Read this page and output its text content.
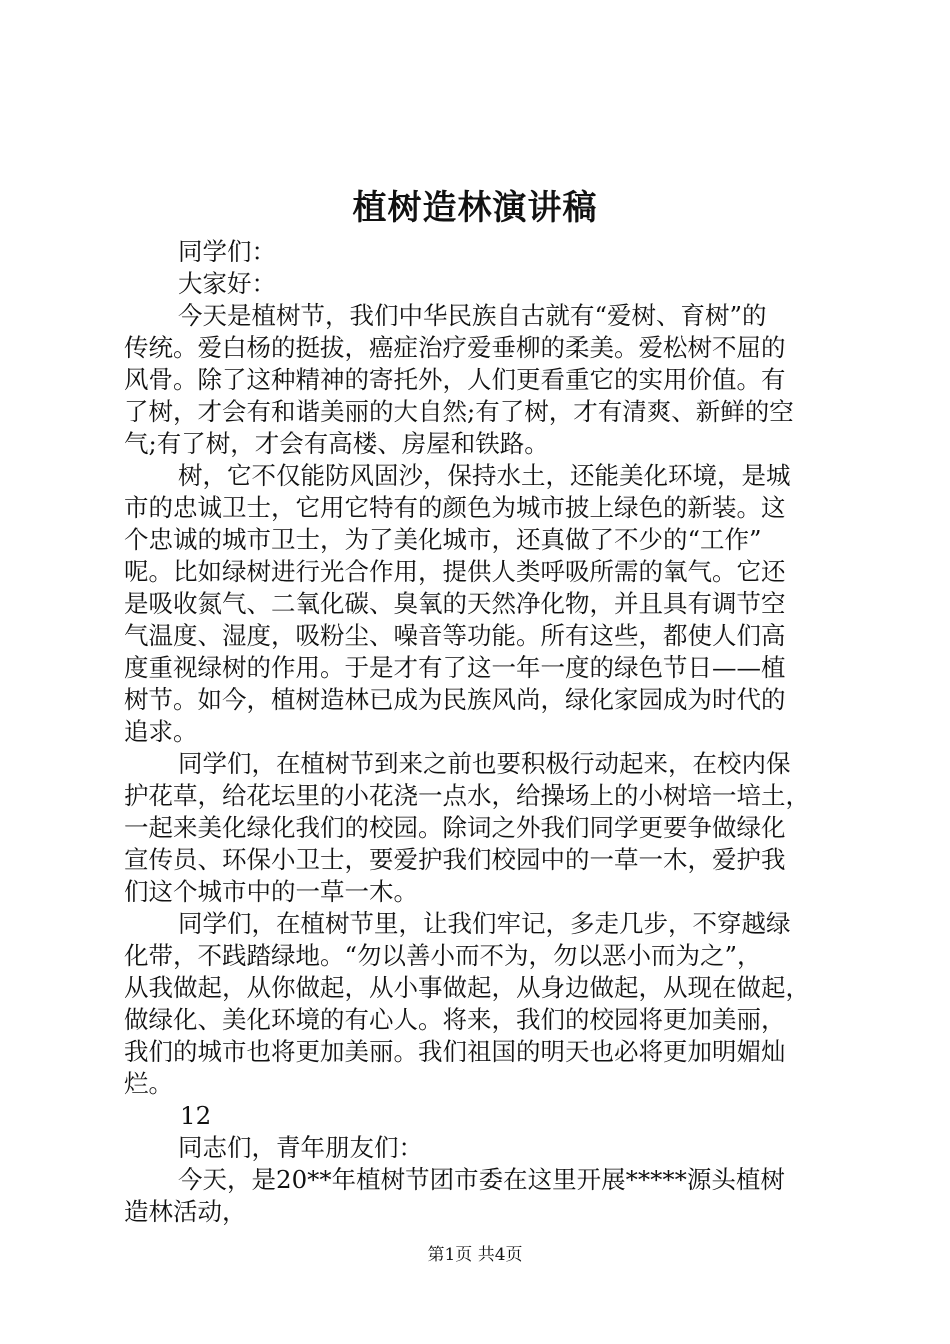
植树造林演讲稿
同学们：
大家好：
今天是植树节，我们中华民族自古就有“爱树、育树”的
传统。爱白杨的挺拔，癌症治疗爱垂柳的柔美。爱松树不屈的
风骨。除了这种精神的寄托外，人们更看重它的实用价值。有
了树，才会有和谐美丽的大自然;有了树，才有清爽、新鲜的空
气;有了树，才会有高楼、房屋和铁路。
树，它不仅能防风固沙，保持水土，还能美化环境，是城
市的忠诚卫士，它用它特有的颜色为城市披上绿色的新装。这
个忠诚的城市卫士，为了美化城市，还真做了不少的“工作”
呢。比如绿树进行光合作用，提供人类呼吸所需的氧气。它还
是吸收氮气、二氧化碳、臭氧的天然净化物，并且具有调节空
气温度、湿度，吸粉尘、噪音等功能。所有这些，都使人们高
度重视绿树的作用。于是才有了这一年一度的绿色节日——植
树节。如今，植树造林已成为民族风尚，绿化家园成为时代的
追求。
同学们，在植树节到来之前也要积极行动起来，在校内保
护花草，给花坛里的小花浇一点水，给操场上的小树培一培土，
一起来美化绿化我们的校园。除词之外我们同学更要争做绿化
宣传员、环保小卫士，要爱护我们校园中的一草一木，爱护我
们这个城市中的一草一木。
同学们，在植树节里，让我们牢记，多走几步，不穿越绿
化带，不践踏绿地。“勿以善小而不为，勿以恶小而为之”，
从我做起，从你做起，从小事做起，从身边做起，从现在做起，
做绿化、美化环境的有心人。将来，我们的校园将更加美丽，
我们的城市也将更加美丽。我们祖国的明天也必将更加明媚灿
烂。
12
同志们，青年朋友们：
今天，是20**年植树节团市委在这里开展*****源头植树
造林活动，
第1页 共4页
